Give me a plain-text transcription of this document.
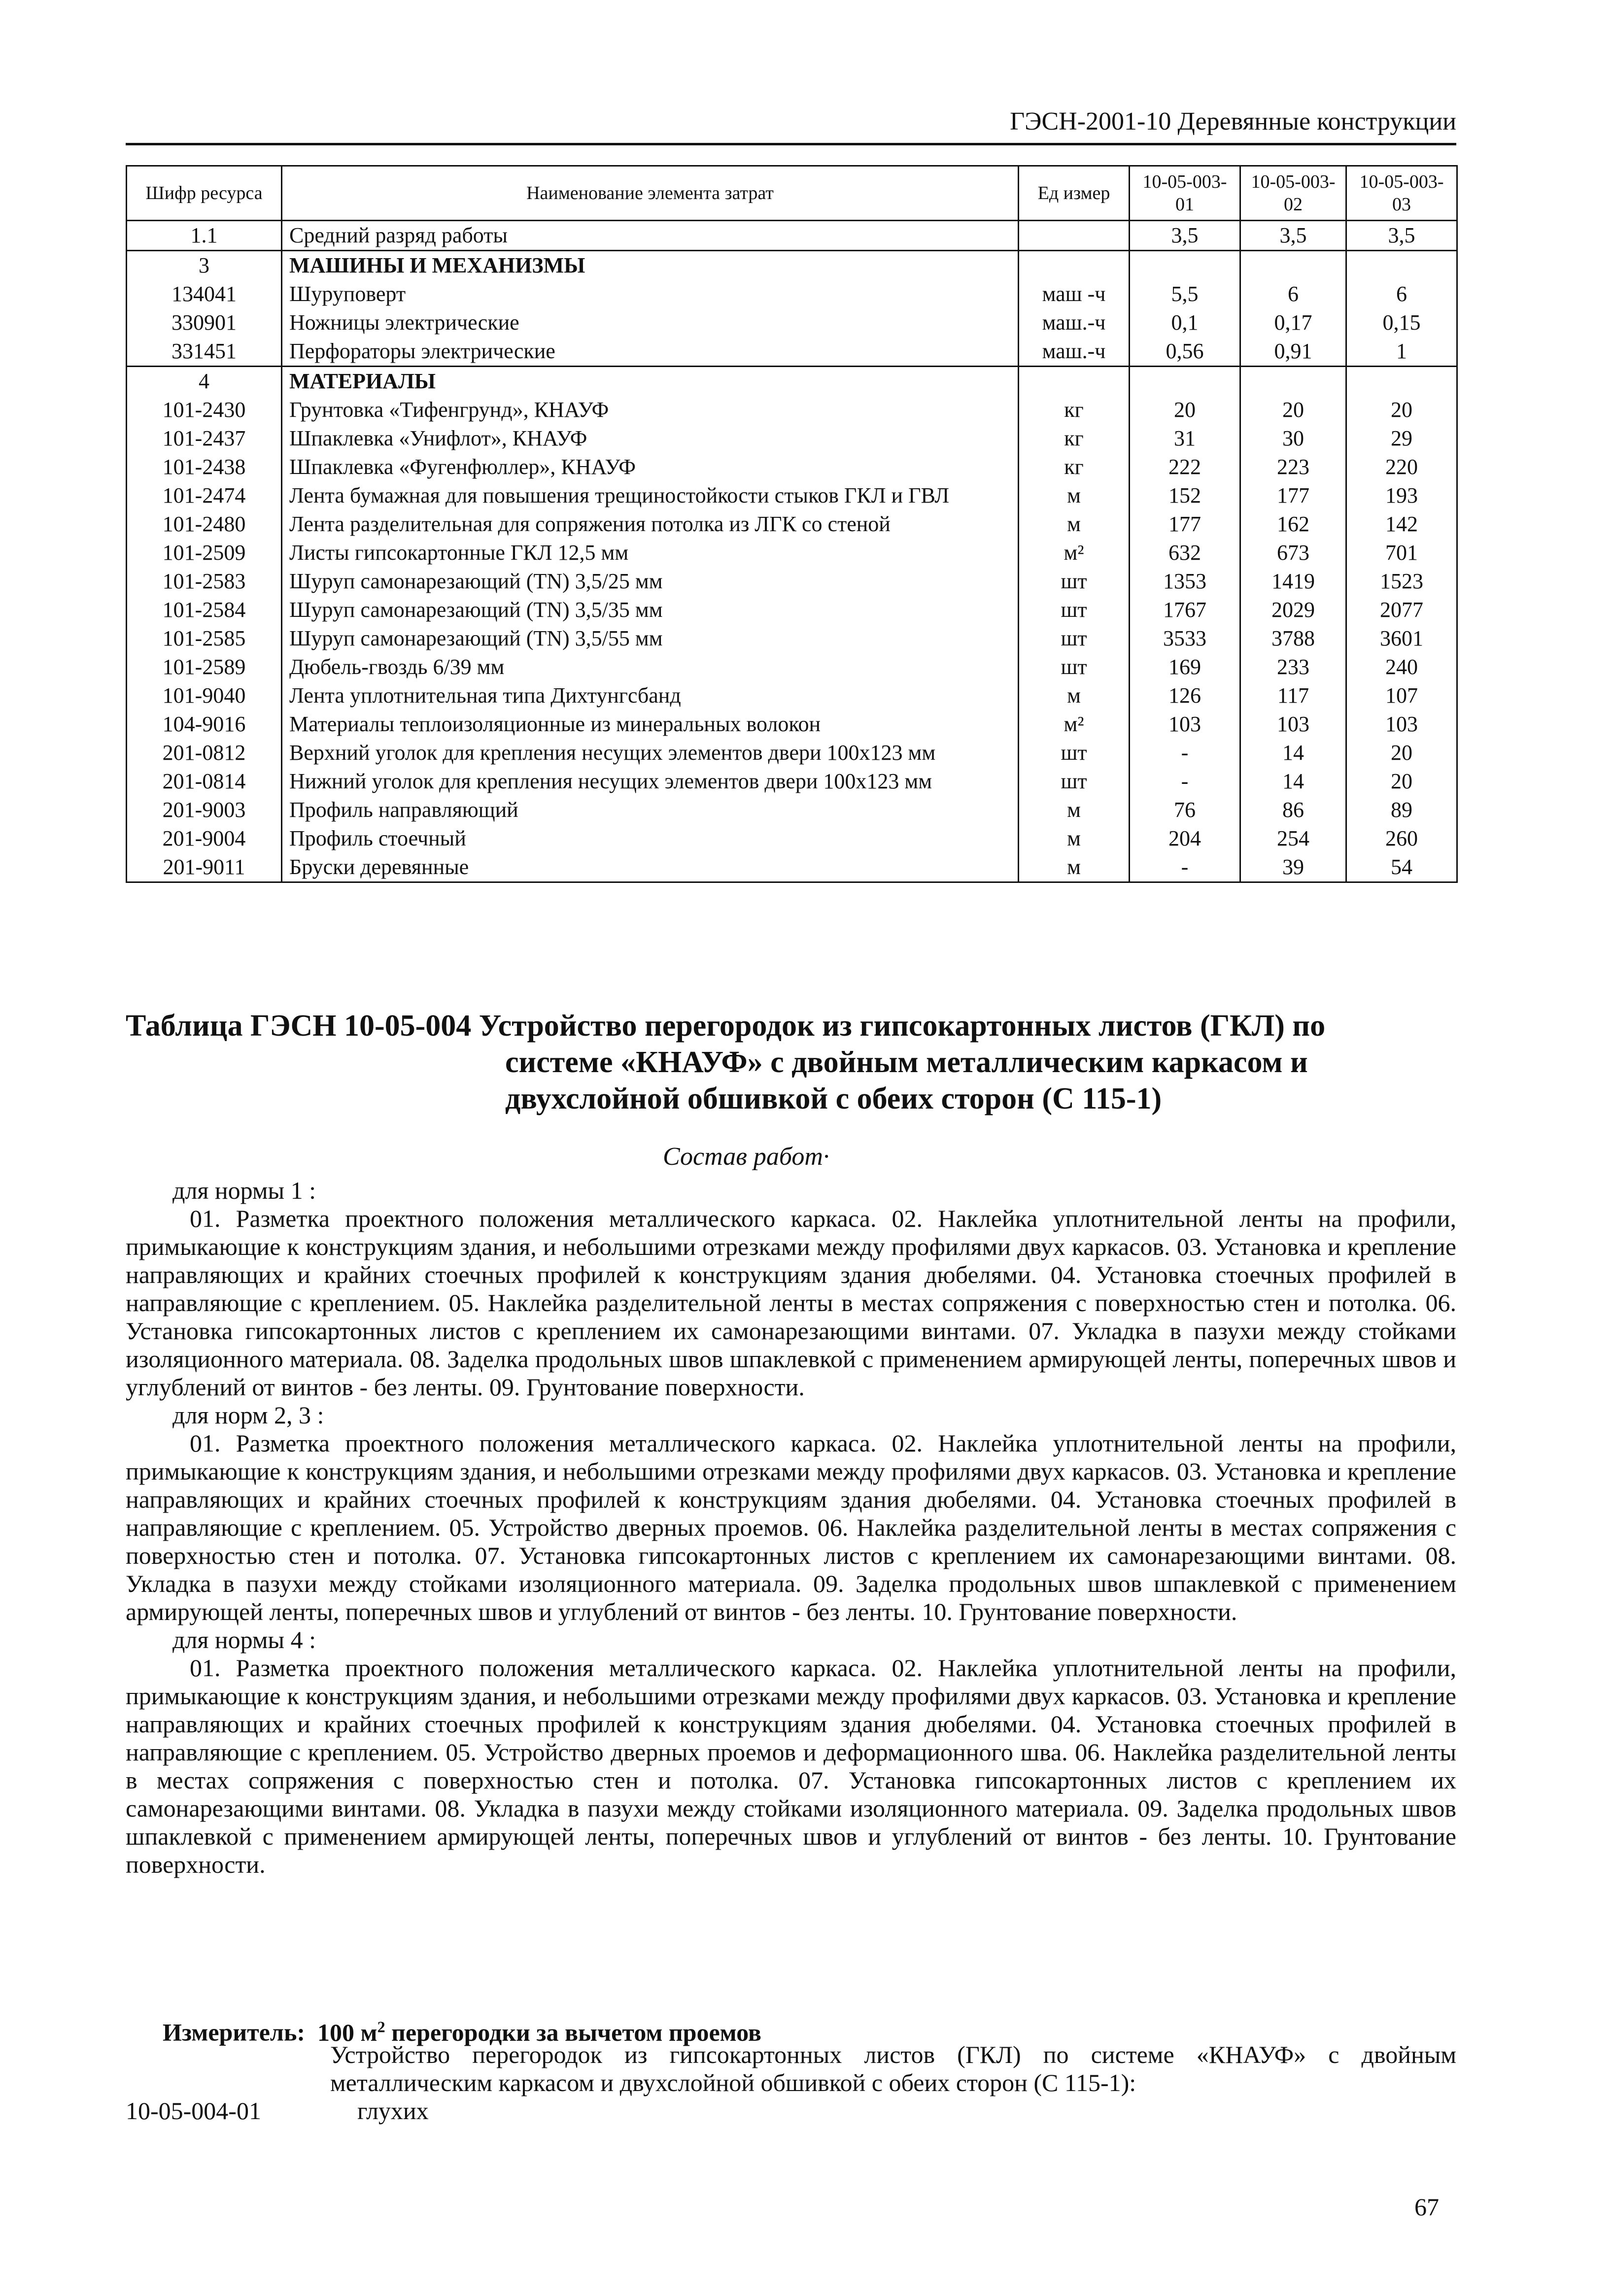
ГЭСН-2001-10 Деревянные конструкции
Шифр ресурса	Наименование элемента затрат	Ед измер	10-05-003-01	10-05-003-02	10-05-003-03
1.1	Средний разряд работы		3,5	3,5	3,5
3	МАШИНЫ И МЕХАНИЗМЫ				
134041	Шуруповерт	маш -ч	5,5	6	6
330901	Ножницы электрические	маш.-ч	0,1	0,17	0,15
331451	Перфораторы электрические	маш.-ч	0,56	0,91	1
4	МАТЕРИАЛЫ				
101-2430	Грунтовка «Тифенгрунд», КНАУФ	кг	20	20	20
101-2437	Шпаклевка «Унифлот», КНАУФ	кг	31	30	29
101-2438	Шпаклевка «Фугенфюллер», КНАУФ	кг	222	223	220
101-2474	Лента бумажная для повышения трещиностойкости стыков ГКЛ и ГВЛ	м	152	177	193
101-2480	Лента разделительная для сопряжения потолка из ЛГК со стеной	м	177	162	142
101-2509	Листы гипсокартонные ГКЛ 12,5 мм	м²	632	673	701
101-2583	Шуруп самонарезающий (TN) 3,5/25 мм	шт	1353	1419	1523
101-2584	Шуруп самонарезающий (TN) 3,5/35 мм	шт	1767	2029	2077
101-2585	Шуруп самонарезающий (TN) 3,5/55 мм	шт	3533	3788	3601
101-2589	Дюбель-гвоздь 6/39 мм	шт	169	233	240
101-9040	Лента уплотнительная типа Дихтунгсбанд	м	126	117	107
104-9016	Материалы теплоизоляционные из минеральных волокон	м²	103	103	103
201-0812	Верхний уголок для крепления несущих элементов двери 100х123 мм	шт	-	14	20
201-0814	Нижний уголок для крепления несущих элементов двери 100х123 мм	шт	-	14	20
201-9003	Профиль направляющий	м	76	86	89
201-9004	Профиль стоечный	м	204	254	260
201-9011	Бруски деревянные	м	-	39	54
Таблица ГЭСН 10-05-004 Устройство перегородок из гипсокартонных листов (ГКЛ) по
системе «КНАУФ» с двойным металлическим каркасом и
двухслойной обшивкой с обеих сторон (С 115-1)
Состав работ·

для нормы 1 :

01. Разметка проектного положения металлического каркаса. 02. Наклейка уплотнительной ленты на профили, примыкающие к конструкциям здания, и небольшими отрезками между профилями двух каркасов. 03. Установка и крепление направляющих и крайних стоечных профилей к конструкциям здания дюбелями. 04. Установка стоечных профилей в направляющие с креплением. 05. Наклейка разделительной ленты в местах сопряжения с поверхностью стен и потолка. 06. Установка гипсокартонных листов с креплением их самонарезающими винтами. 07. Укладка в пазухи между стойками изоляционного материала. 08. Заделка продольных швов шпаклевкой с применением армирующей ленты, поперечных швов и углублений от винтов - без ленты. 09. Грунтование поверхности.

для норм 2, 3 :

01. Разметка проектного положения металлического каркаса. 02. Наклейка уплотнительной ленты на профили, примыкающие к конструкциям здания, и небольшими отрезками между профилями двух каркасов. 03. Установка и крепление направляющих и крайних стоечных профилей к конструкциям здания дюбелями. 04. Установка стоечных профилей в направляющие с креплением. 05. Устройство дверных проемов. 06. Наклейка разделительной ленты в местах сопряжения с поверхностью стен и потолка. 07. Установка гипсокартонных листов с креплением их самонарезающими винтами. 08. Укладка в пазухи между стойками изоляционного материала. 09. Заделка продольных швов шпаклевкой с применением армирующей ленты, поперечных швов и углублений от винтов - без ленты. 10. Грунтование поверхности.

для нормы 4 :

01. Разметка проектного положения металлического каркаса. 02. Наклейка уплотнительной ленты на профили, примыкающие к конструкциям здания, и небольшими отрезками между профилями двух каркасов. 03. Установка и крепление направляющих и крайних стоечных профилей к конструкциям здания дюбелями. 04. Установка стоечных профилей в направляющие с креплением. 05. Устройство дверных проемов и деформационного шва. 06. Наклейка разделительной ленты в местах сопряжения с поверхностью стен и потолка. 07. Установка гипсокартонных листов с креплением их самонарезающими винтами. 08. Укладка в пазухи между стойками изоляционного материала. 09. Заделка продольных швов шпаклевкой с применением армирующей ленты, поперечных швов и углублений от винтов - без ленты. 10. Грунтование поверхности.

Измеритель: 100 $м^2$ перегородки за вычетом проемов
Устройство перегородок из гипсокартонных листов (ГКЛ) по системе «КНАУФ» с двойным металлическим каркасом и двухслойной обшивкой с обеих сторон (С 115-1):
10-05-004-01	глухих
67
